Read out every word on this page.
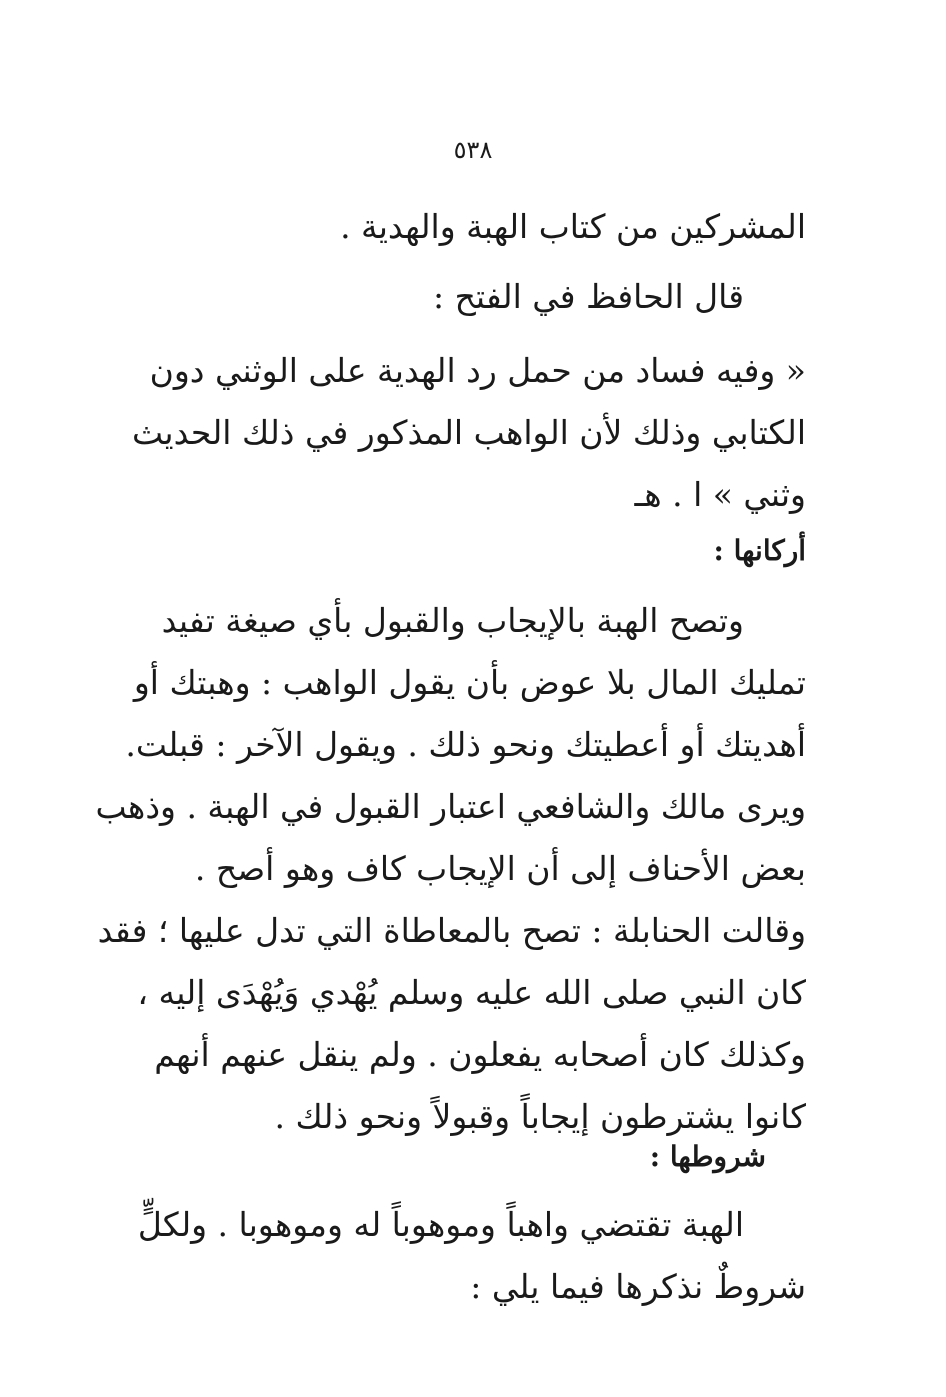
٥٣٨
المشركين من كتاب الهبة والهدية .
قال الحافظ في الفتح :
« وفيه فساد من حمل رد الهدية على الوثني دون
الكتابي وذلك لأن الواهب المذكور في ذلك الحديث
وثني » ا . هـ
أركانها :
وتصح الهبة بالإيجاب والقبول بأي صيغة تفيد
تمليك المال بلا عوض بأن يقول الواهب : وهبتك أو
أهديتك أو أعطيتك ونحو ذلك . ويقول الآخر : قبلت.
ويرى مالك والشافعي اعتبار القبول في الهبة . وذهب
بعض الأحناف إلى أن الإيجاب كاف وهو أصح .
وقالت الحنابلة : تصح بالمعاطاة التي تدل عليها ؛ فقد
كان النبي صلى الله عليه وسلم يُهْدي وَيُهْدَى إليه ،
وكذلك كان أصحابه يفعلون . ولم ينقل عنهم أنهم
كانوا يشترطون إيجاباً وقبولاً ونحو ذلك .
شروطها :
الهبة تقتضي واهباً وموهوباً له وموهوبا . ولكلٍّ
شروطٌ نذكرها فيما يلي :
